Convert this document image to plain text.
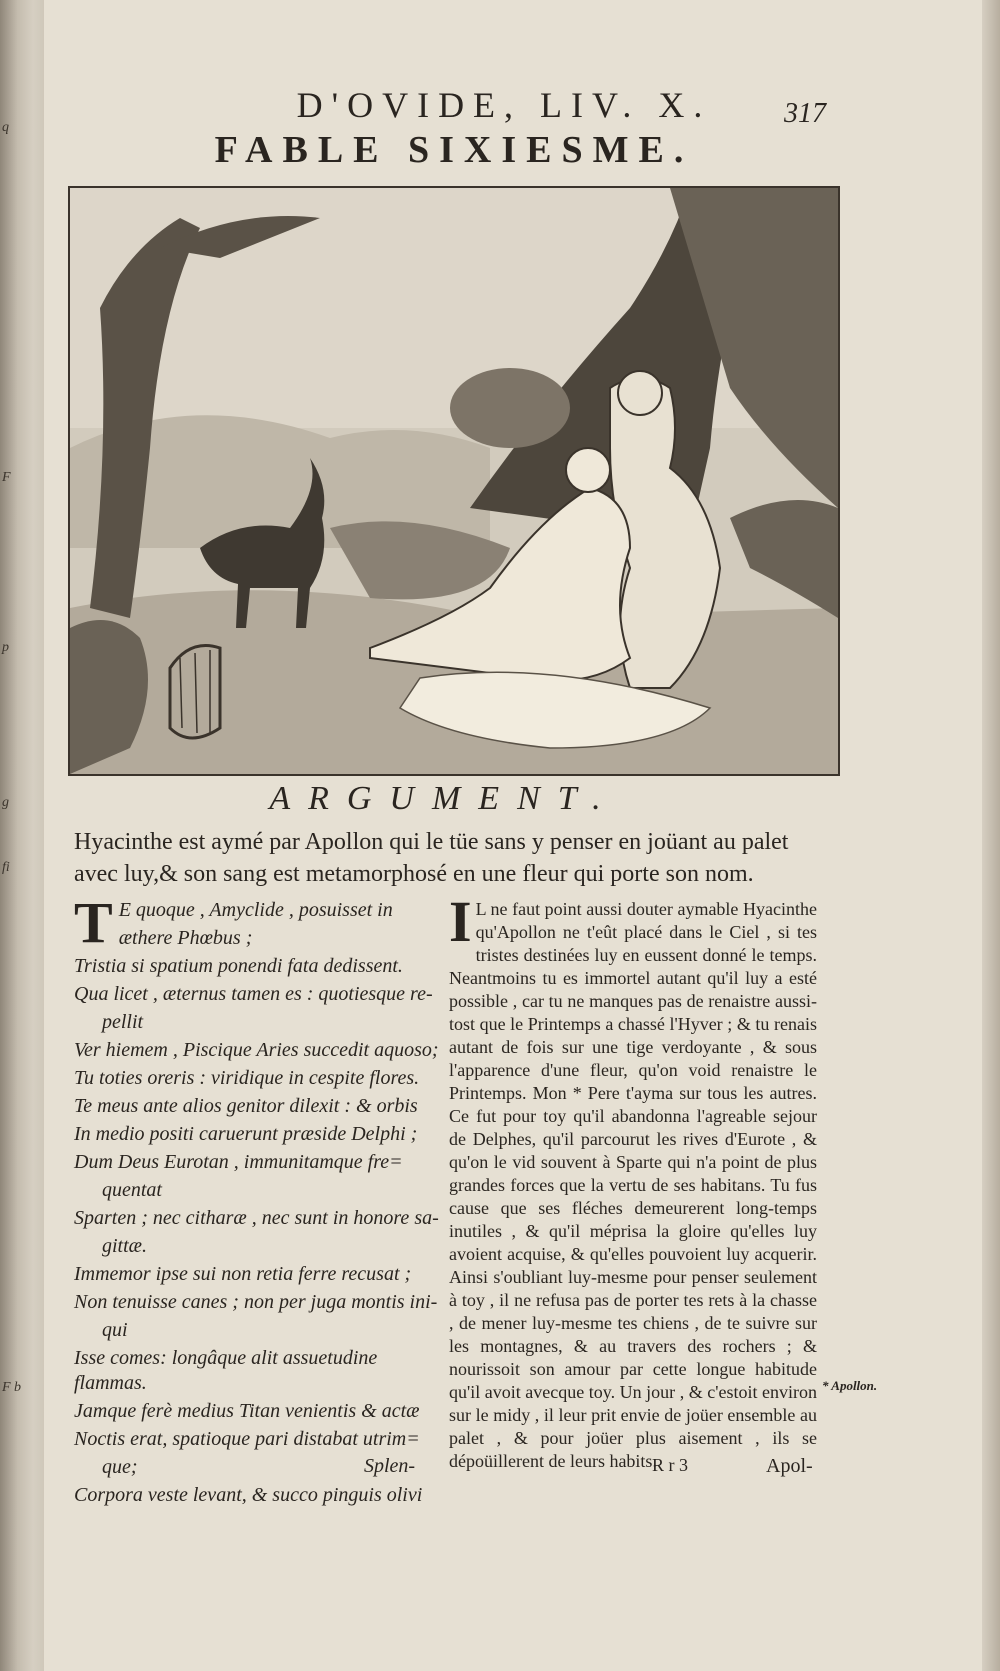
q
F
p
g
fi
F b
D'OVIDE, LIV. X.	317
FABLE SIXIESME.
ARGUMENT.
Hyacinthe est aymé par Apollon qui le tüe sans y penser en joüant au palet avec luy,& son sang est metamorphosé en une fleur qui porte son nom.
T E quoque , Amyclide , posuisset in

æthere Phœbus ;

Tristia si spatium ponendi fata dedissent.

Qua licet , æternus tamen es : quotiesque re-

pellit

Ver hiemem , Piscique Aries succedit aquoso;

Tu toties oreris : viridique in cespite flores.

Te meus ante alios genitor dilexit : & orbis

In medio positi caruerunt præside Delphi ;

Dum Deus Eurotan , immunitamque fre=

quentat

Sparten ; nec citharæ , nec sunt in honore sa-

gittæ.

Immemor ipse sui non retia ferre recusat ;

Non tenuisse canes ; non per juga montis ini-

qui

Isse comes: longâque alit assuetudine flammas.

Jamque ferè medius Titan venientis & actæ

Noctis erat, spatioque pari distabat utrim=

que;

Corpora veste levant, & succo pinguis olivi

Splen-
I L ne faut point aussi douter aymable Hyacinthe qu'Apollon ne t'eût placé dans le Ciel , si tes tristes destinées luy en eussent donné le temps. Neantmoins tu es immortel autant qu'il luy a esté possible , car tu ne manques pas de renaistre aussi-tost que le Printemps a chassé l'Hyver ; & tu renais autant de fois sur une tige verdoyante , & sous l'apparence d'une fleur, qu'on void renaistre le Printemps. Mon * Pere t'ayma sur tous les autres. Ce fut pour toy qu'il abandonna l'agreable sejour de Delphes, qu'il parcourut les rives d'Eurote , & qu'on le vid souvent à Sparte qui n'a point de plus grandes forces que la vertu de ses habitans. Tu fus cause que ses fléches demeurerent long-temps inutiles , & qu'il méprisa la gloire qu'elles luy avoient acquise, & qu'elles pouvoient luy acquerir. Ainsi s'oubliant luy-mesme pour penser seulement à toy , il ne refusa pas de porter tes rets à la chasse , de mener luy-mesme tes chiens , de te suivre sur les montagnes, & au travers des rochers ; & nourissoit son amour par cette longue habitude qu'il avoit avecque toy. Un jour , & c'estoit environ sur le midy , il leur prit envie de joüer ensemble au palet , & pour joüer plus aisement , ils se dépoüillerent de leurs habits.

* Apollon.
R r 3	Apol-
